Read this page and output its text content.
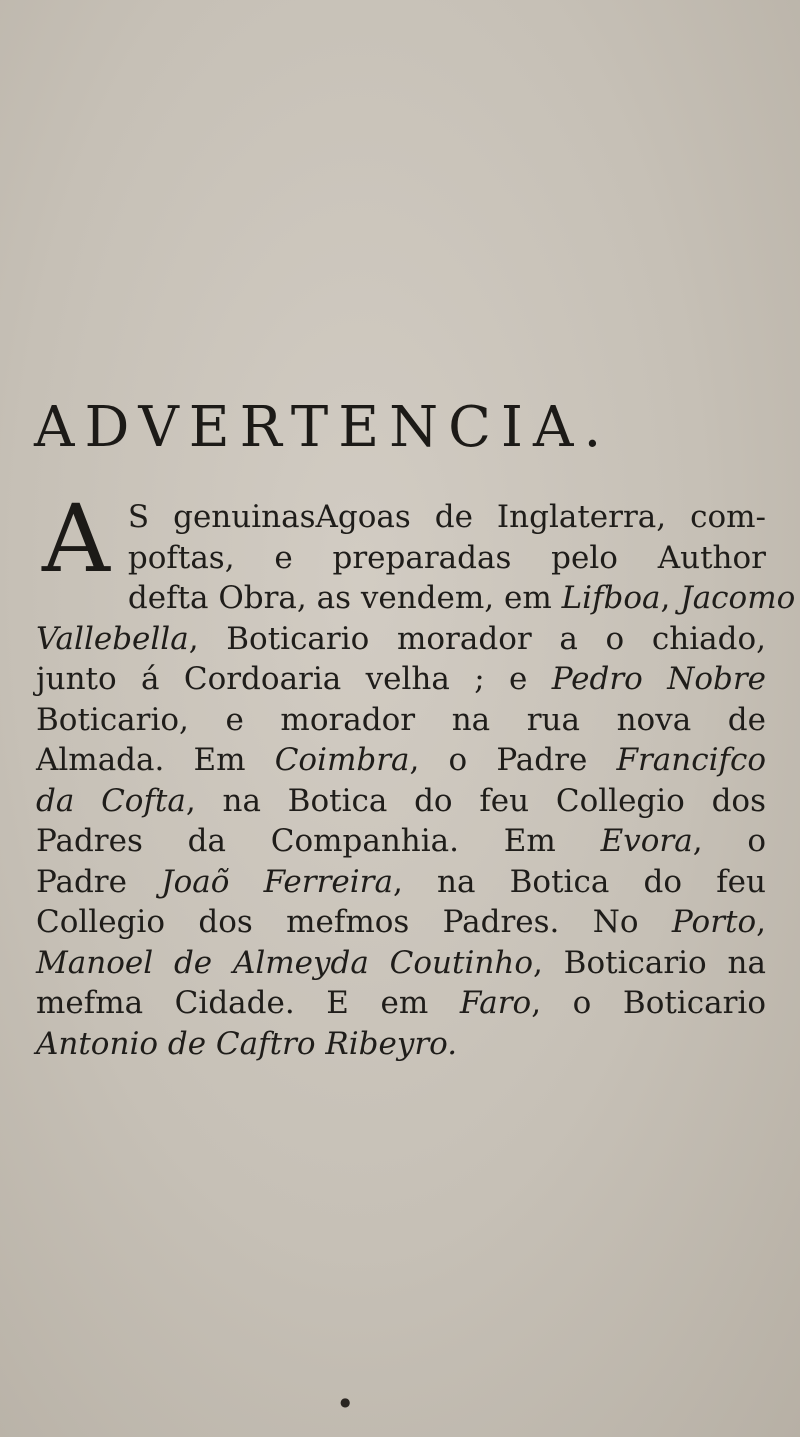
ADVERTENCIA.
A S genuinasAgoas de Inglaterra, com-
poftas, e preparadas pelo Author
defta Obra, as vendem, em Lifboa, Jacomo
Vallebella, Boticario morador a o chiado,
junto á Cordoaria velha ; e Pedro Nobre
Boticario, e morador na rua nova de
Almada. Em Coimbra, o Padre Francifco
da Cofta, na Botica do feu Collegio dos
Padres da Companhia. Em Evora, o
Padre Joaõ Ferreira, na Botica do feu
Collegio dos mefmos Padres. No Porto,
Manoel de Almeyda Coutinho, Boticario na
mefma Cidade. E em Faro, o Boticario
Antonio de Caftro Ribeyro.
●
